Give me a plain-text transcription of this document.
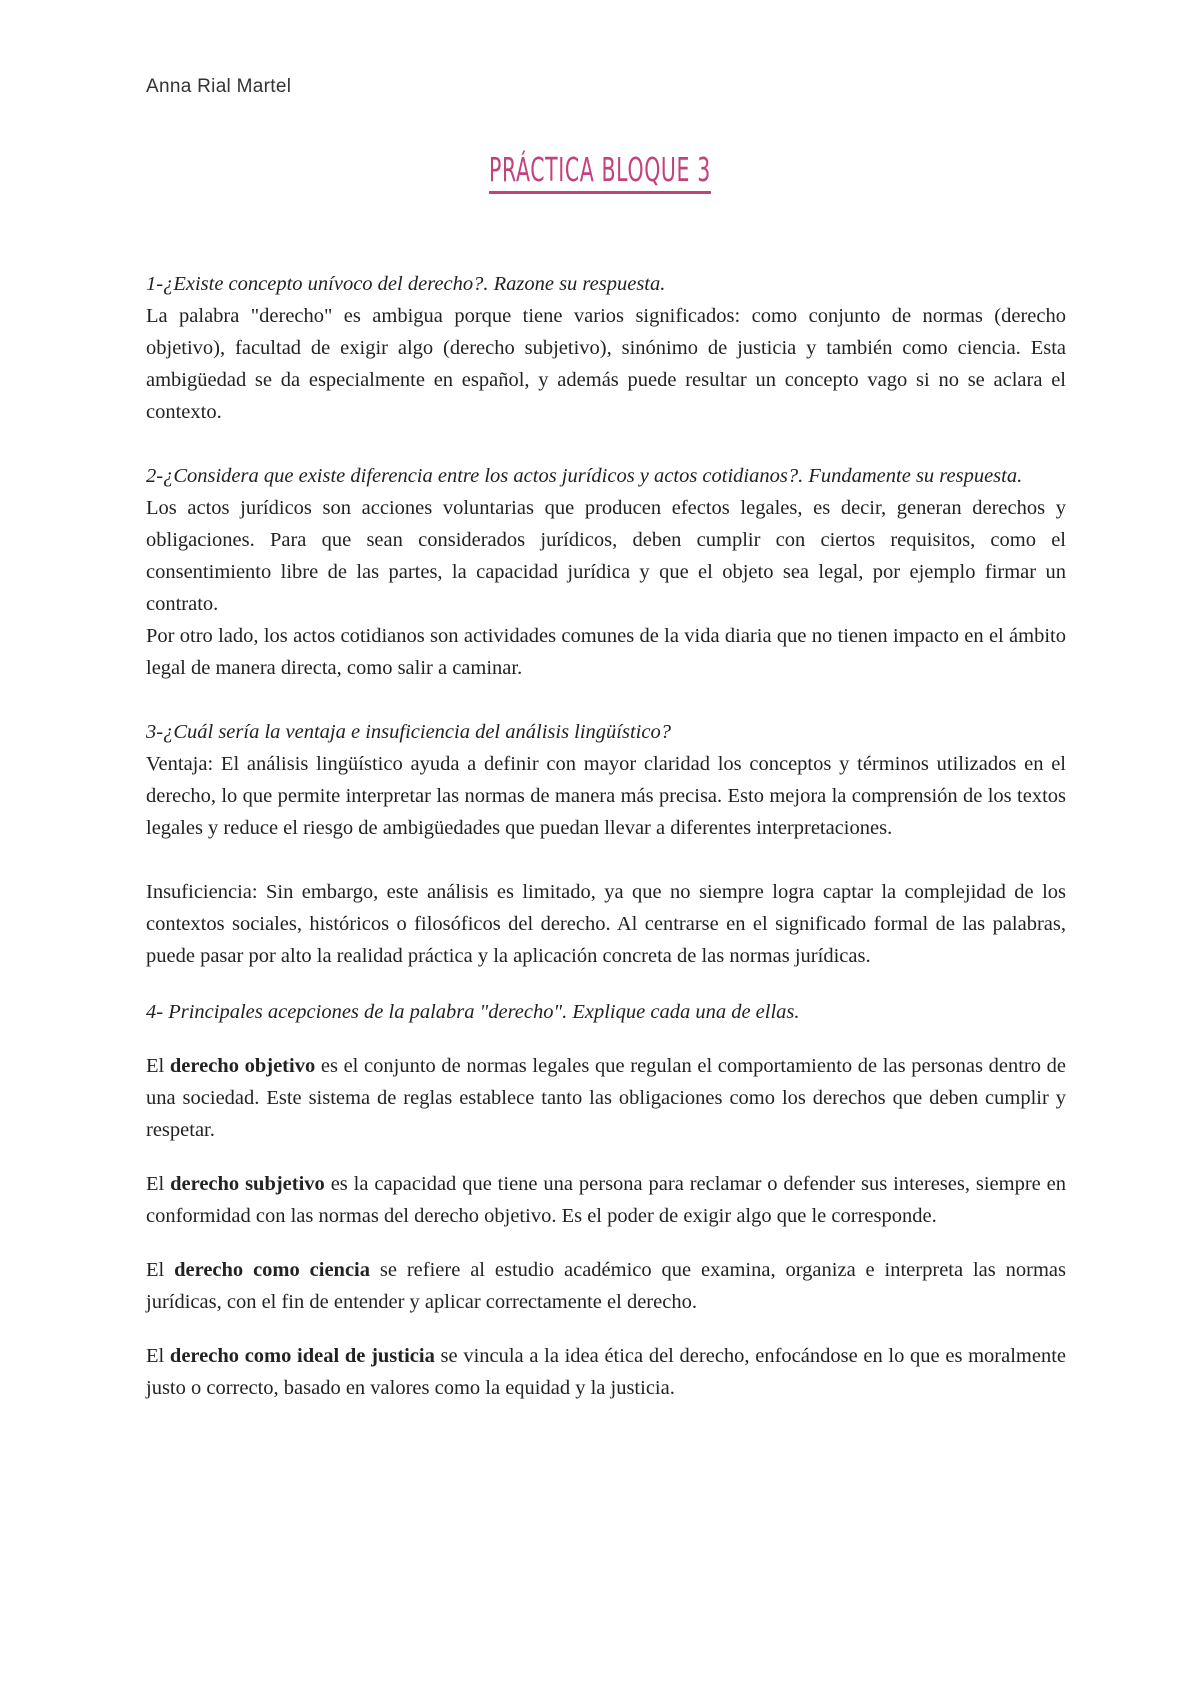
Anna Rial Martel
PRÁCTICA BLOQUE 3

1-¿Existe concepto unívoco del derecho?. Razone su respuesta.

La palabra "derecho" es ambigua porque tiene varios significados: como conjunto de normas (derecho objetivo), facultad de exigir algo (derecho subjetivo), sinónimo de justicia y también como ciencia. Esta ambigüedad se da especialmente en español, y además puede resultar un concepto vago si no se aclara el contexto.

2-¿Considera que existe diferencia entre los actos jurídicos y actos cotidianos?. Fundamente su respuesta.

Los actos jurídicos son acciones voluntarias que producen efectos legales, es decir, generan derechos y obligaciones. Para que sean considerados jurídicos, deben cumplir con ciertos requisitos, como el consentimiento libre de las partes, la capacidad jurídica y que el objeto sea legal, por ejemplo firmar un contrato.

Por otro lado, los actos cotidianos son actividades comunes de la vida diaria que no tienen impacto en el ámbito legal de manera directa, como salir a caminar.

3-¿Cuál sería la ventaja e insuficiencia del análisis lingüístico?

Ventaja: El análisis lingüístico ayuda a definir con mayor claridad los conceptos y términos utilizados en el derecho, lo que permite interpretar las normas de manera más precisa. Esto mejora la comprensión de los textos legales y reduce el riesgo de ambigüedades que puedan llevar a diferentes interpretaciones.

Insuficiencia: Sin embargo, este análisis es limitado, ya que no siempre logra captar la complejidad de los contextos sociales, históricos o filosóficos del derecho. Al centrarse en el significado formal de las palabras, puede pasar por alto la realidad práctica y la aplicación concreta de las normas jurídicas.

4- Principales acepciones de la palabra "derecho". Explique cada una de ellas.

El derecho objetivo es el conjunto de normas legales que regulan el comportamiento de las personas dentro de una sociedad. Este sistema de reglas establece tanto las obligaciones como los derechos que deben cumplir y respetar.

El derecho subjetivo es la capacidad que tiene una persona para reclamar o defender sus intereses, siempre en conformidad con las normas del derecho objetivo. Es el poder de exigir algo que le corresponde.

El derecho como ciencia se refiere al estudio académico que examina, organiza e interpreta las normas jurídicas, con el fin de entender y aplicar correctamente el derecho.

El derecho como ideal de justicia se vincula a la idea ética del derecho, enfocándose en lo que es moralmente justo o correcto, basado en valores como la equidad y la justicia.
